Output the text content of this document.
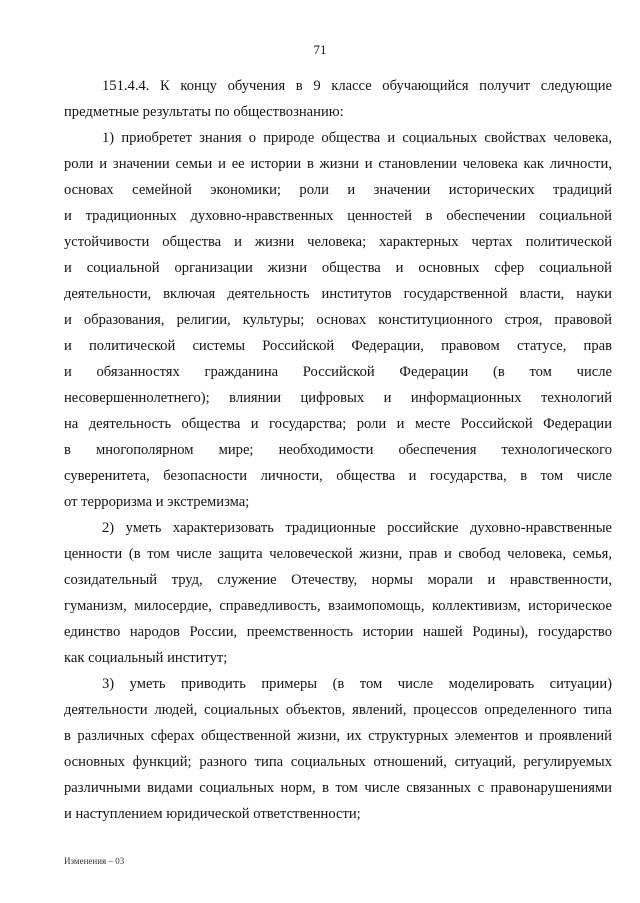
71
151.4.4. К концу обучения в 9 классе обучающийся получит следующие
предметные результаты по обществознанию:
1) приобретет знания о природе общества и социальных свойствах человека,
роли и значении семьи и ее истории в жизни и становлении человека как личности,
основах семейной экономики; роли и значении исторических традиций
и традиционных духовно-нравственных ценностей в обеспечении социальной
устойчивости общества и жизни человека; характерных чертах политической
и социальной организации жизни общества и основных сфер социальной
деятельности, включая деятельность институтов государственной власти, науки
и образования, религии, культуры; основах конституционного строя, правовой
и политической системы Российской Федерации, правовом статусе, прав
и обязанностях гражданина Российской Федерации (в том числе
несовершеннолетнего); влиянии цифровых и информационных технологий
на деятельность общества и государства; роли и месте Российской Федерации
в многополярном мире; необходимости обеспечения технологического
суверенитета, безопасности личности, общества и государства, в том числе
от терроризма и экстремизма;
2) уметь характеризовать традиционные российские духовно-нравственные
ценности (в том числе защита человеческой жизни, прав и свобод человека, семья,
созидательный труд, служение Отечеству, нормы морали и нравственности,
гуманизм, милосердие, справедливость, взаимопомощь, коллективизм, историческое
единство народов России, преемственность истории нашей Родины), государство
как социальный институт;
3) уметь приводить примеры (в том числе моделировать ситуации)
деятельности людей, социальных объектов, явлений, процессов определенного типа
в различных сферах общественной жизни, их структурных элементов и проявлений
основных функций; разного типа социальных отношений, ситуаций, регулируемых
различными видами социальных норм, в том числе связанных с правонарушениями
и наступлением юридической ответственности;
Изменения – 03
